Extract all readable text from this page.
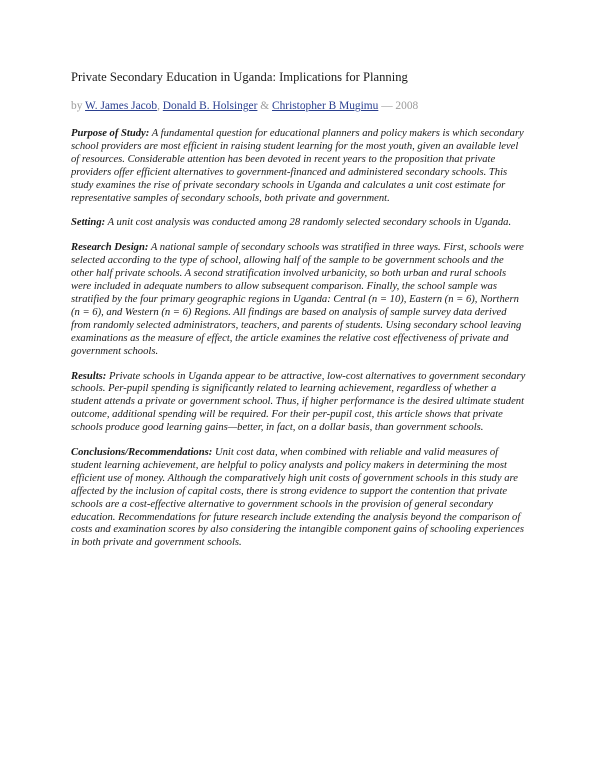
Private Secondary Education in Uganda: Implications for Planning
by W. James Jacob, Donald B. Holsinger & Christopher B Mugimu — 2008

Purpose of Study: A fundamental question for educational planners and policy makers is which secondary school providers are most efficient in raising student learning for the most youth, given an available level of resources. Considerable attention has been devoted in recent years to the proposition that private providers offer efficient alternatives to government-financed and administered secondary schools. This study examines the rise of private secondary schools in Uganda and calculates a unit cost estimate for representative samples of secondary schools, both private and government.

Setting: A unit cost analysis was conducted among 28 randomly selected secondary schools in Uganda.

Research Design: A national sample of secondary schools was stratified in three ways. First, schools were selected according to the type of school, allowing half of the sample to be government schools and the other half private schools. A second stratification involved urbanicity, so both urban and rural schools were included in adequate numbers to allow subsequent comparison. Finally, the school sample was stratified by the four primary geographic regions in Uganda: Central (n = 10), Eastern (n = 6), Northern (n = 6), and Western (n = 6) Regions. All findings are based on analysis of sample survey data derived from randomly selected administrators, teachers, and parents of students. Using secondary school leaving examinations as the measure of effect, the article examines the relative cost effectiveness of private and government schools.

Results: Private schools in Uganda appear to be attractive, low-cost alternatives to government secondary schools. Per-pupil spending is significantly related to learning achievement, regardless of whether a student attends a private or government school. Thus, if higher performance is the desired ultimate student outcome, additional spending will be required. For their per-pupil cost, this article shows that private schools produce good learning gains—better, in fact, on a dollar basis, than government schools.

Conclusions/Recommendations: Unit cost data, when combined with reliable and valid measures of student learning achievement, are helpful to policy analysts and policy makers in determining the most efficient use of money. Although the comparatively high unit costs of government schools in this study are affected by the inclusion of capital costs, there is strong evidence to support the contention that private schools are a cost-effective alternative to government schools in the provision of general secondary education. Recommendations for future research include extending the analysis beyond the comparison of costs and examination scores by also considering the intangible component gains of schooling experiences in both private and government schools.
